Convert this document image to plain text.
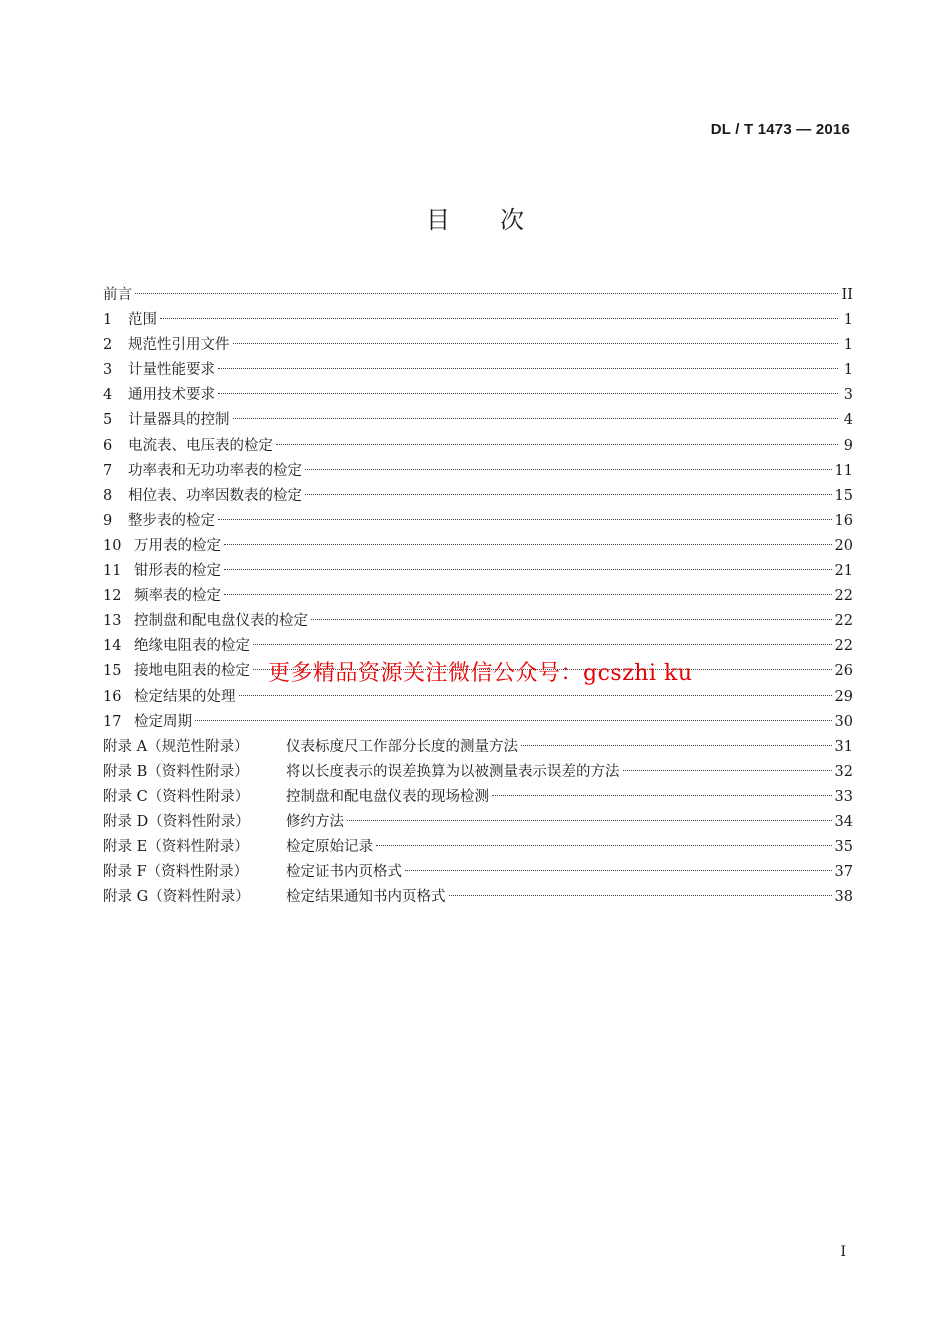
DL / T 1473 — 2016
目次
前言	II
1	范围	1
2	规范性引用文件	1
3	计量性能要求	1
4	通用技术要求	3
5	计量器具的控制	4
6	电流表、电压表的检定	9
7	功率表和无功功率表的检定	11
8	相位表、功率因数表的检定	15
9	整步表的检定	16
10 万用表的检定	20
11 钳形表的检定	21
12 频率表的检定	22
13 控制盘和配电盘仪表的检定	22
14 绝缘电阻表的检定	22
15 接地电阻表的检定	26
16 检定结果的处理	29
17 检定周期	30
附录 A（规范性附录）	仪表标度尺工作部分长度的测量方法	31
附录 B（资料性附录）	将以长度表示的误差换算为以被测量表示误差的方法	32
附录 C（资料性附录）	控制盘和配电盘仪表的现场检测	33
附录 D（资料性附录）	修约方法	34
附录 E（资料性附录）	检定原始记录	35
附录 F（资料性附录）	检定证书内页格式	37
附录 G（资料性附录）	检定结果通知书内页格式	38
更多精品资源关注微信公众号：gcszhi ku
I
